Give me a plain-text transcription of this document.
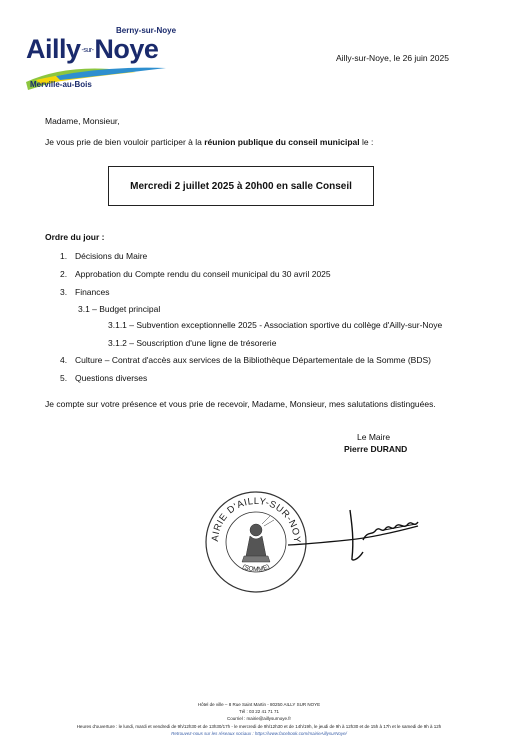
Berny-sur-Noye
Ailly-sur-Noye
Merville-au-Bois
Ailly-sur-Noye, le 26 juin 2025
Madame, Monsieur,
Je vous prie de bien vouloir participer à la réunion publique du conseil municipal le :
Mercredi 2 juillet 2025 à 20h00 en salle Conseil
Ordre du jour :
1. Décisions du Maire
2. Approbation du Compte rendu du conseil municipal du 30 avril 2025
3. Finances
3.1 – Budget principal
3.1.1 – Subvention exceptionnelle 2025 - Association sportive du collège d'Ailly-sur-Noye
3.1.2 – Souscription d'une ligne de trésorerie
4. Culture – Contrat d'accès aux services de la Bibliothèque Départementale de la Somme (BDS)
5. Questions diverses
Je compte sur votre présence et vous prie de recevoir, Madame, Monsieur, mes salutations distinguées.
Le Maire
Pierre DURAND
AIRIE D'AILLY-SUR-NOY
(SOMME)
Hôtel de ville – 8 Rue Saint Martin - 80250 AILLY SUR NOYE
Tél : 03 22 41 71 71
Courriel : mairie@aillysurnoye.fr
Heures d'ouverture : le lundi, mardi et vendredi de 9h/12h30 et de 13h30/17h - le mercredi de 9h/12h30 et de 14h/19h, le jeudi de 9h à 12h30 et de 15h à 17h et le samedi de 9h à 12h
Retrouvez-nous sur les réseaux sociaux : https://www.facebook.com/mairieAillysurNoye/
